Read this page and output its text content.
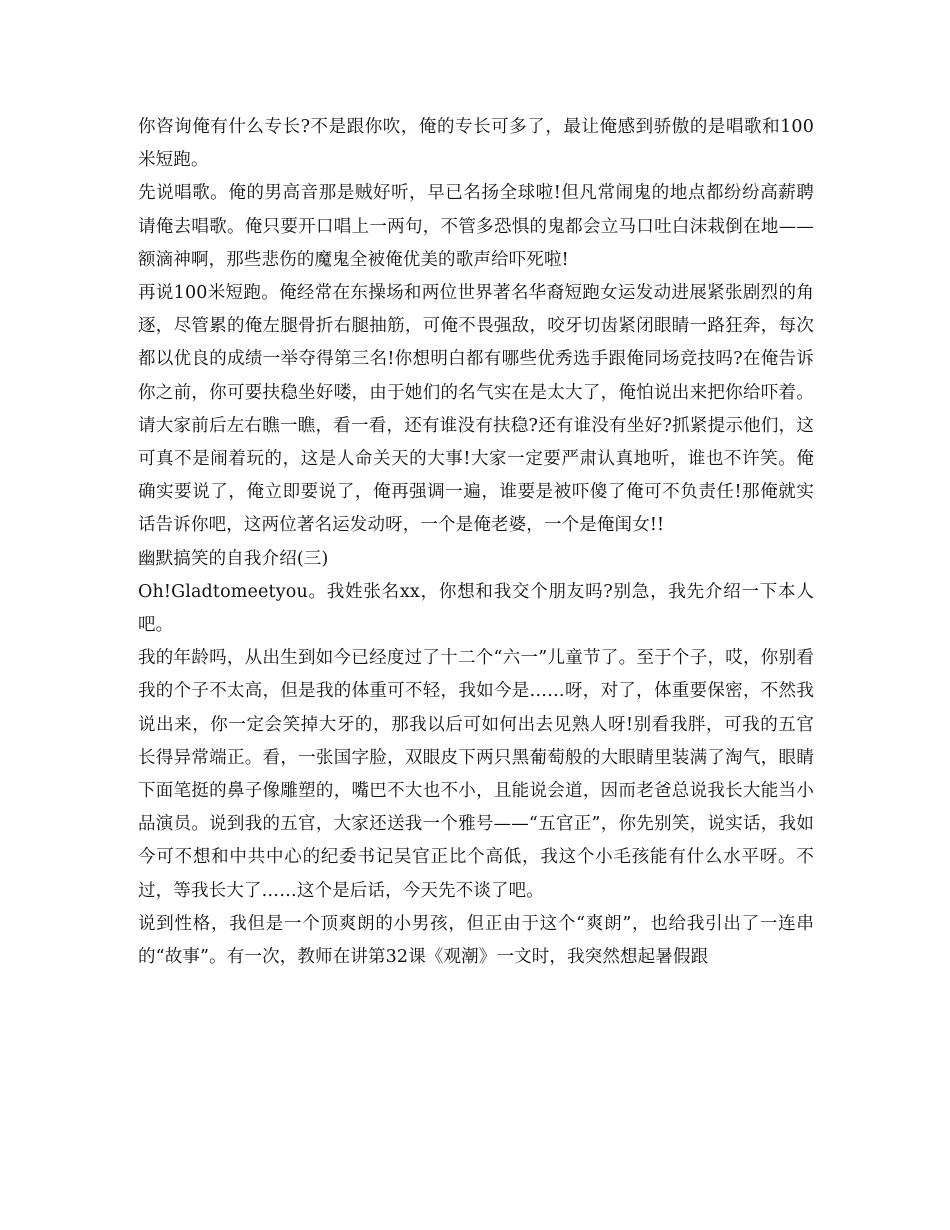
你咨询俺有什么专长?不是跟你吹，俺的专长可多了，最让俺感到骄傲的是唱歌和100米短跑。

先说唱歌。俺的男高音那是贼好听，早已名扬全球啦!但凡常闹鬼的地点都纷纷高薪聘请俺去唱歌。俺只要开口唱上一两句，不管多恐惧的鬼都会立马口吐白沫栽倒在地——额滴神啊，那些悲伤的魔鬼全被俺优美的歌声给吓死啦!

再说100米短跑。俺经常在东操场和两位世界著名华裔短跑女运发动进展紧张剧烈的角逐，尽管累的俺左腿骨折右腿抽筋，可俺不畏强敌，咬牙切齿紧闭眼睛一路狂奔，每次都以优良的成绩一举夺得第三名!你想明白都有哪些优秀选手跟俺同场竞技吗?在俺告诉你之前，你可要扶稳坐好喽，由于她们的名气实在是太大了，俺怕说出来把你给吓着。请大家前后左右瞧一瞧，看一看，还有谁没有扶稳?还有谁没有坐好?抓紧提示他们，这可真不是闹着玩的，这是人命关天的大事!大家一定要严肃认真地听，谁也不许笑。俺确实要说了，俺立即要说了，俺再强调一遍，谁要是被吓傻了俺可不负责任!那俺就实话告诉你吧，这两位著名运发动呀，一个是俺老婆，一个是俺闺女!!

幽默搞笑的自我介绍(三)

Oh!Gladtomeetyou。我姓张名xx，你想和我交个朋友吗?别急，我先介绍一下本人吧。

我的年龄吗，从出生到如今已经度过了十二个“六一”儿童节了。至于个子，哎，你别看我的个子不太高，但是我的体重可不轻，我如今是……呀，对了，体重要保密，不然我说出来，你一定会笑掉大牙的，那我以后可如何出去见熟人呀!别看我胖，可我的五官长得异常端正。看，一张国字脸，双眼皮下两只黑葡萄般的大眼睛里装满了淘气，眼睛下面笔挺的鼻子像雕塑的，嘴巴不大也不小，且能说会道，因而老爸总说我长大能当小品演员。说到我的五官，大家还送我一个雅号——“五官正”，你先别笑，说实话，我如今可不想和中共中心的纪委书记吴官正比个高低，我这个小毛孩能有什么水平呀。不过，等我长大了……这个是后话，今天先不谈了吧。

说到性格，我但是一个顶爽朗的小男孩，但正由于这个“爽朗”，也给我引出了一连串的“故事”。有一次，教师在讲第32课《观潮》一文时，我突然想起暑假跟
